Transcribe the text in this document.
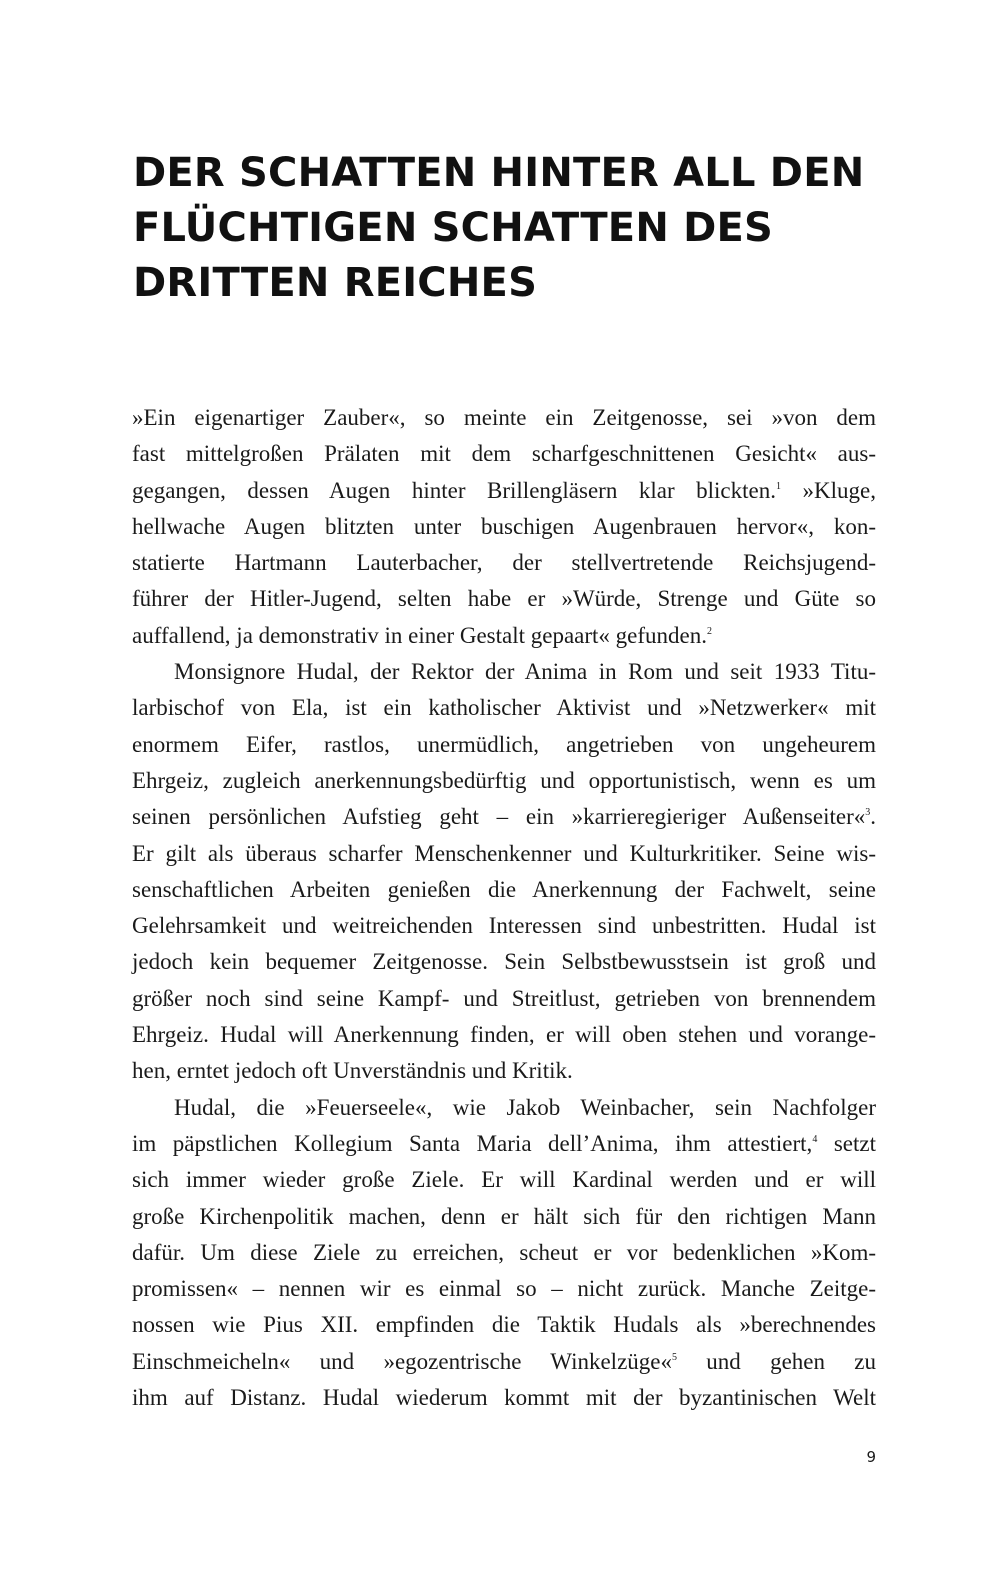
DER SCHATTEN HINTER ALL DEN
FLÜCHTIGEN SCHATTEN DES
DRITTEN REICHES

»Ein eigenartiger Zauber«, so meinte ein Zeitgenosse, sei »von dem
fast mittelgroßen Prälaten mit dem scharfgeschnittenen Gesicht« aus-
gegangen, dessen Augen hinter Brillengläsern klar blickten.$^1$ »Kluge,
hellwache Augen blitzten unter buschigen Augenbrauen hervor«, kon-
statierte Hartmann Lauterbacher, der stellvertretende Reichsjugend-
führer der Hitler-Jugend, selten habe er »Würde, Strenge und Güte so
auffallend, ja demonstrativ in einer Gestalt gepaart« gefunden.$^2$

Monsignore Hudal, der Rektor der Anima in Rom und seit 1933 Titu-
larbischof von Ela, ist ein katholischer Aktivist und »Netzwerker« mit
enormem Eifer, rastlos, unermüdlich, angetrieben von ungeheurem
Ehrgeiz, zugleich anerkennungsbedürftig und opportunistisch, wenn es um
seinen persönlichen Aufstieg geht – ein »karrieregieriger Außenseiter«$^3$.
Er gilt als überaus scharfer Menschenkenner und Kulturkritiker. Seine wis-
senschaftlichen Arbeiten genießen die Anerkennung der Fachwelt, seine
Gelehrsamkeit und weitreichenden Interessen sind unbestritten. Hudal ist
jedoch kein bequemer Zeitgenosse. Sein Selbstbewusstsein ist groß und
größer noch sind seine Kampf- und Streitlust, getrieben von brennendem
Ehrgeiz. Hudal will Anerkennung finden, er will oben stehen und vorange-
hen, erntet jedoch oft Unverständnis und Kritik.

Hudal, die »Feuerseele«, wie Jakob Weinbacher, sein Nachfolger
im päpstlichen Kollegium Santa Maria dell’Anima, ihm attestiert,$^4$ setzt
sich immer wieder große Ziele. Er will Kardinal werden und er will
große Kirchenpolitik machen, denn er hält sich für den richtigen Mann
dafür. Um diese Ziele zu erreichen, scheut er vor bedenklichen »Kom-
promissen« – nennen wir es einmal so – nicht zurück. Manche Zeitge-
nossen wie Pius XII. empfinden die Taktik Hudals als »berechnendes
Einschmeicheln« und »egozentrische Winkelzüge«$^5$ und gehen zu
ihm auf Distanz. Hudal wiederum kommt mit der byzantinischen Welt

9
